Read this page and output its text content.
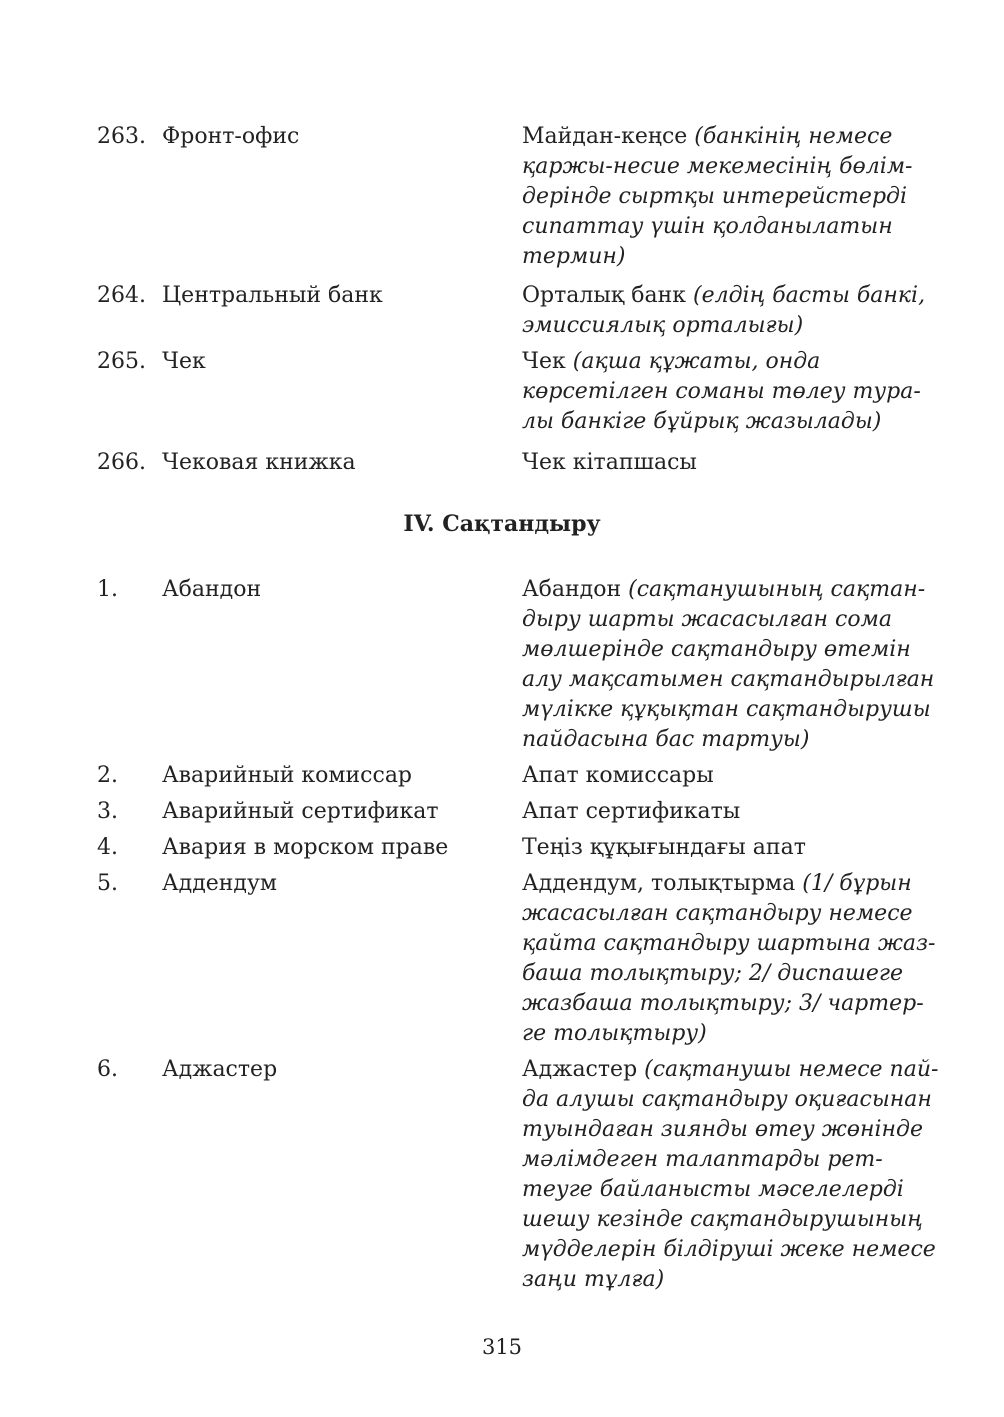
263. Фронт-офис	Майдан-кеңсе (банкінің немесе
қаржы-несие мекемесінің бөлім-
дерінде сыртқы интерейстерді
сипаттау үшін қолданылатын
термин)
264. Центральный банк	Орталық банк (елдің басты банкі,
эмиссиялық орталығы)
265. Чек	Чек (ақша құжаты, онда
көрсетілген соманы төлеу тура-
лы банкіге бұйрық жазылады)
266. Чековая книжка	Чек кітапшасы
IV. Сақтандыру
1. Абандон	Абандон (сақтанушының сақтан-
дыру шарты жасасылған сома
мөлшерінде сақтандыру өтемін
алу мақсатымен сақтандырылған
мүлікке құқықтан сақтандырушы
пайдасына бас тартуы)
2. Аварийный комиссар	Апат комиссары
3. Аварийный сертификат	Апат сертификаты
4. Авария в морском праве	Теңіз құқығындағы апат
5. Аддендум	Аддендум, толықтырма (1/ бұрын
жасасылған сақтандыру немесе
қайта сақтандыру шартына жаз-
баша толықтыру; 2/ диспашеге
жазбаша толықтыру; 3/ чартер-
ге толықтыру)
6. Аджастер	Аджастер (сақтанушы немесе пай-
да алушы сақтандыру оқиғасынан
туындаған зиянды өтеу жөнінде
мәлімдеген талаптарды рет-
теуге байланысты мәселелерді
шешу кезінде сақтандырушының
мүдделерін білдіруші жеке немесе
заңи тұлға)
315
